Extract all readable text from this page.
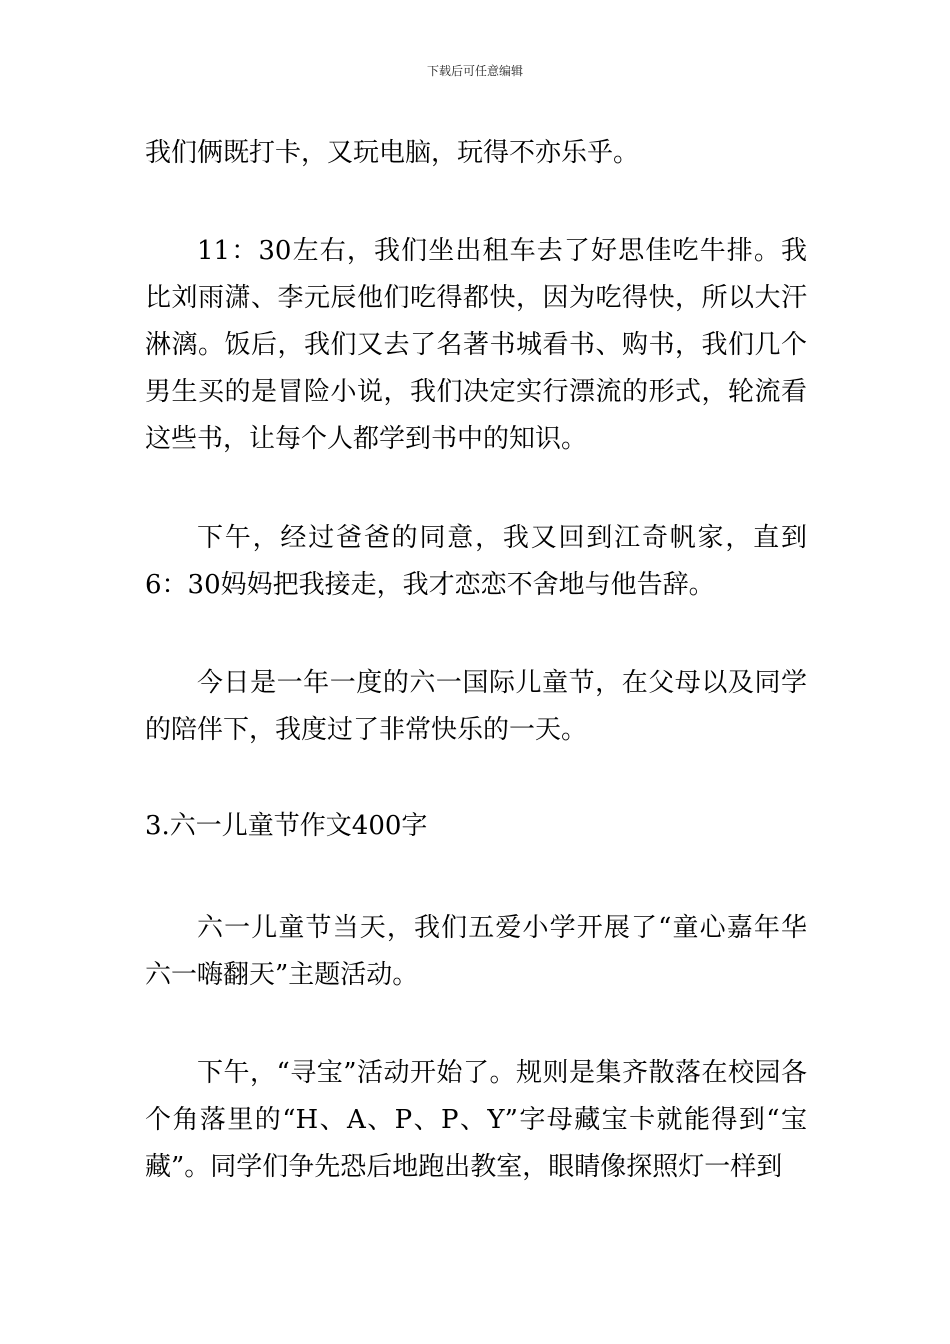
下载后可任意编辑

我们俩既打卡，又玩电脑，玩得不亦乐乎。

11：30左右，我们坐出租车去了好思佳吃牛排。我比刘雨潇、李元辰他们吃得都快，因为吃得快，所以大汗淋漓。饭后，我们又去了名著书城看书、购书，我们几个男生买的是冒险小说，我们决定实行漂流的形式，轮流看这些书，让每个人都学到书中的知识。

下午，经过爸爸的同意，我又回到江奇帆家，直到6：30妈妈把我接走，我才恋恋不舍地与他告辞。

今日是一年一度的六一国际儿童节，在父母以及同学的陪伴下，我度过了非常快乐的一天。

3.六一儿童节作文400字

六一儿童节当天，我们五爱小学开展了“童心嘉年华六一嗨翻天”主题活动。

下午，“寻宝”活动开始了。规则是集齐散落在校园各个角落里的“H、A、P、P、Y”字母藏宝卡就能得到“宝藏”。同学们争先恐后地跑出教室，眼睛像探照灯一样到
